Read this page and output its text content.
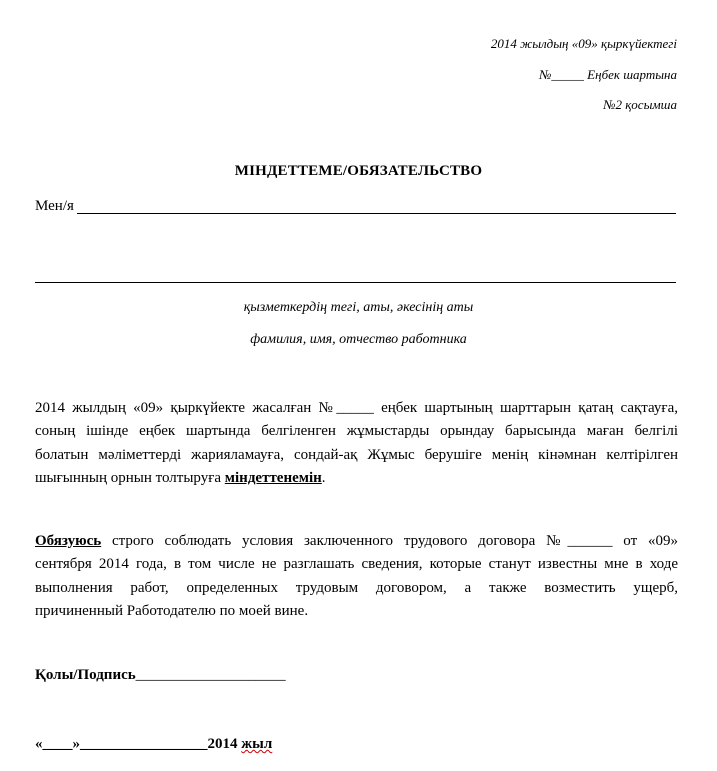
2014 жылдың «09» қыркүйектегі
№_____ Еңбек шартына
№2 қосымша
МІНДЕТТЕМЕ/ОБЯЗАТЕЛЬСТВО
Мен/я
қызметкердің тегі, аты, әкесінің аты
фамилия, имя, отчество работника
2014 жылдың «09» қыркүйекте жасалған №_____ еңбек шартының шарттарын қатаң сақтауға,
соның ішінде еңбек шартында белгіленген жұмыстарды орындау барысында маған белгілі
болатын мәліметтерді жарияламауға, сондай-ақ Жұмыс берушіге менің кінәмнан келтірілген
шығынның орнын толтыруға міндеттенемін.
Обязуюсь строго соблюдать условия заключенного трудового договора №______ от «09»
сентября 2014 года, в том числе не разглашать сведения, которые станут известны мне в ходе
выполнения работ, определенных трудовым договором, а также возместить ущерб,
причиненный Работодателю по моей вине.
Қолы/Подпись____________________
«____»_________________2014 жыл
